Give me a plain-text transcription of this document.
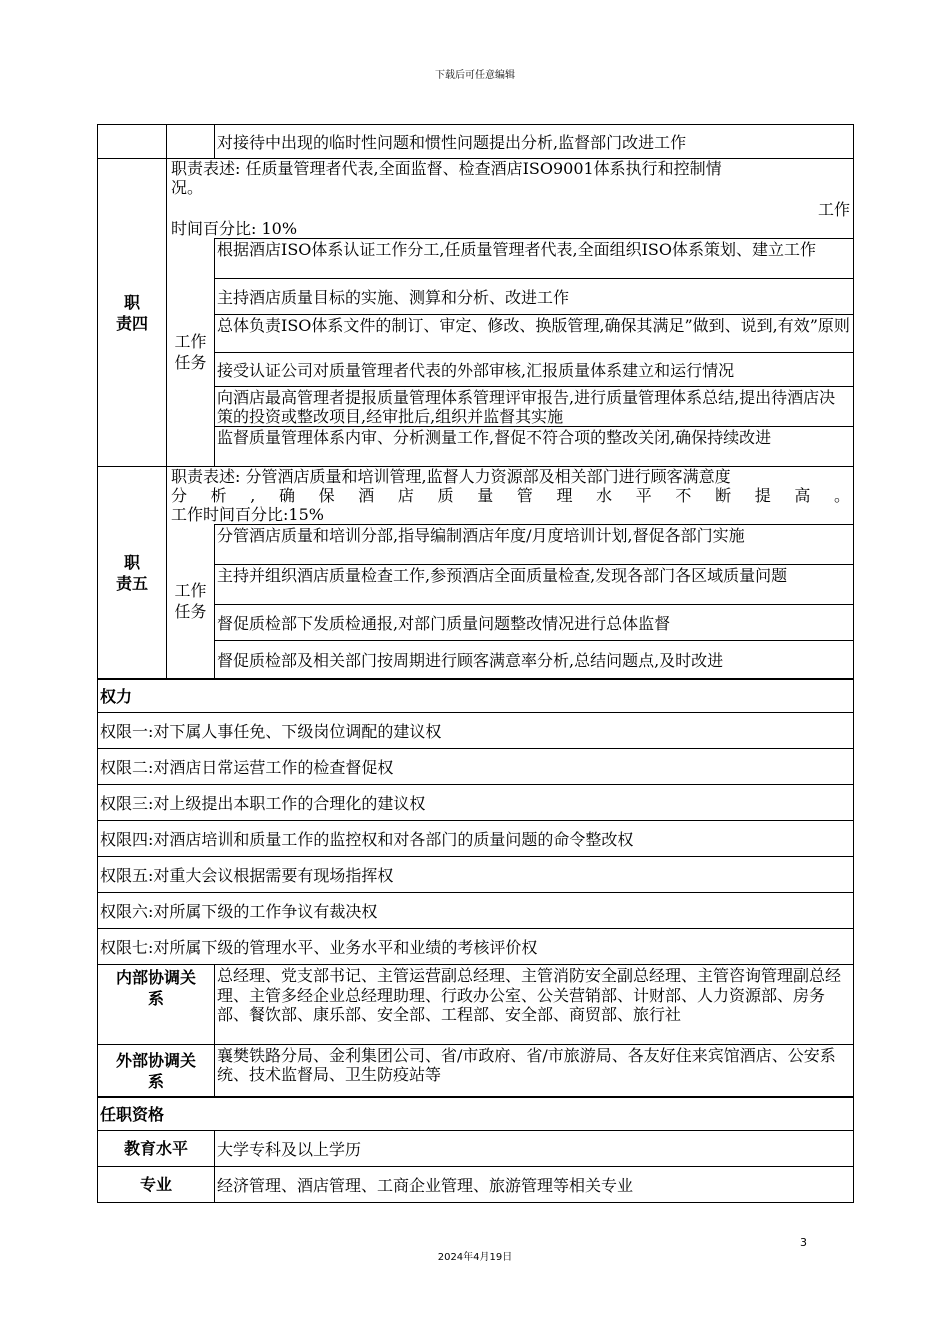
下载后可任意编辑
对接待中出现的临时性问题和惯性问题提出分析,监督部门改进工作
职
责四
职责表述: 任质量管理者代表,全面监督、检查酒店ISO9001体系执行和控制情
况。
工作
时间百分比: 10%
工作
任务
根据酒店ISO体系认证工作分工,任质量管理者代表,全面组织ISO体系策划、建立工作
主持酒店质量目标的实施、测算和分析、改进工作
总体负责ISO体系文件的制订、审定、修改、换版管理,确保其满足”做到、说到,有效”原则
接受认证公司对质量管理者代表的外部审核,汇报质量体系建立和运行情况
向酒店最高管理者提报质量管理体系管理评审报告,进行质量管理体系总结,提出待酒店决策的投资或整改项目,经审批后,组织并监督其实施
监督质量管理体系内审、分析测量工作,督促不符合项的整改关闭,确保持续改进
职
责五
职责表述: 分管酒店质量和培训管理,监督人力资源部及相关部门进行顾客满意度
分析,确保酒店质量管理水平不断提高。
工作时间百分比:15%
工作
任务
分管酒店质量和培训分部,指导编制酒店年度/月度培训计划,督促各部门实施
主持并组织酒店质量检查工作,参预酒店全面质量检查,发现各部门各区域质量问题
督促质检部下发质检通报,对部门质量问题整改情况进行总体监督
督促质检部及相关部门按周期进行顾客满意率分析,总结问题点,及时改进
权力
权限一:对下属人事任免、下级岗位调配的建议权
权限二:对酒店日常运营工作的检查督促权
权限三:对上级提出本职工作的合理化的建议权
权限四:对酒店培训和质量工作的监控权和对各部门的质量问题的命令整改权
权限五:对重大会议根据需要有现场指挥权
权限六:对所属下级的工作争议有裁决权
权限七:对所属下级的管理水平、业务水平和业绩的考核评价权
内部协调关
系
总经理、党支部书记、主管运营副总经理、主管消防安全副总经理、主管咨询管理副总经理、主管多经企业总经理助理、行政办公室、公关营销部、计财部、人力资源部、房务部、餐饮部、康乐部、安全部、工程部、安全部、商贸部、旅行社
外部协调关
系
襄樊铁路分局、金利集团公司、省/市政府、省/市旅游局、各友好住来宾馆酒店、公安系统、技术监督局、卫生防疫站等
任职资格
教育水平 大学专科及以上学历
专业	经济管理、酒店管理、工商企业管理、旅游管理等相关专业
3
2024年4月19日
